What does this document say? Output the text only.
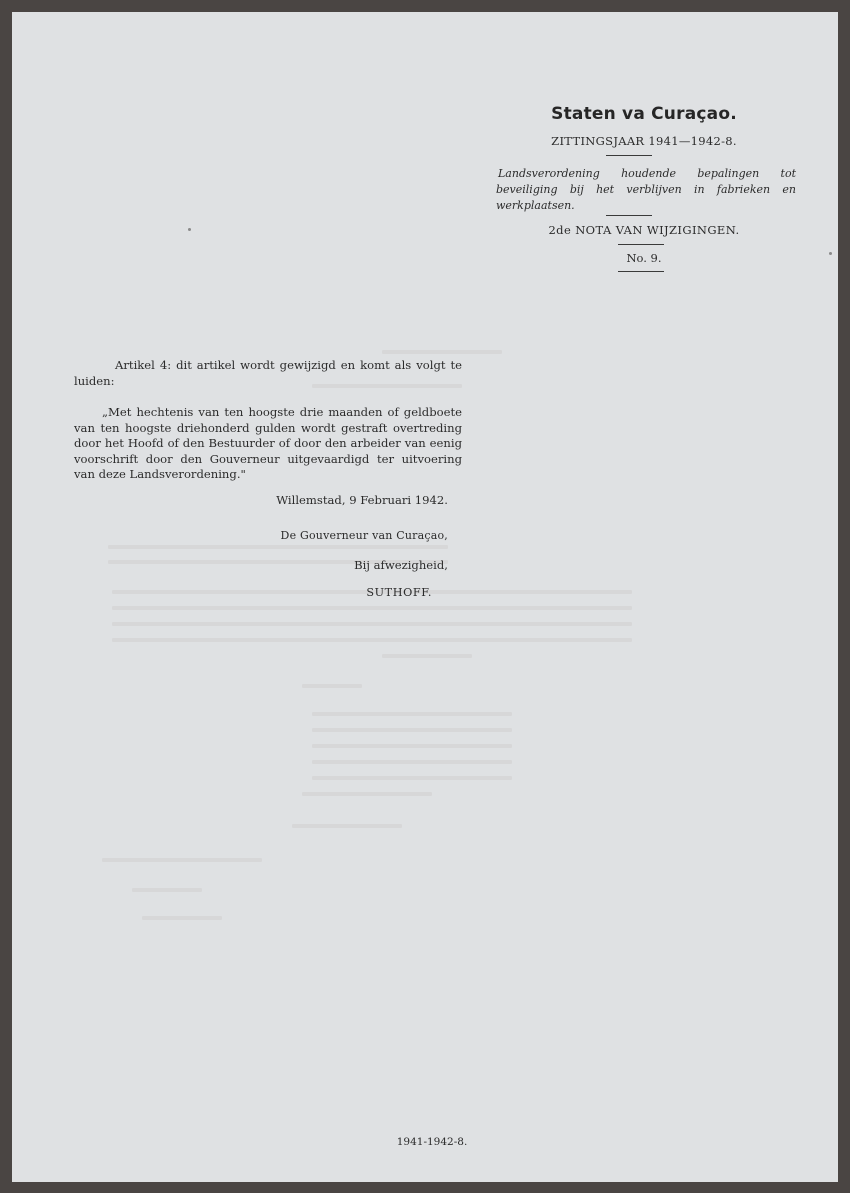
Staten va Curaçao.

ZITTINGSJAAR 1941—1942-8.

Landsverordening houdende bepalingen tot beveiliging bij het verblijven in fabrieken en werkplaatsen.

2de NOTA VAN WIJZIGINGEN.

No. 9.

Artikel 4: dit artikel wordt gewijzigd en komt als volgt te luiden:

„Met hechtenis van ten hoogste drie maanden of geldboete van ten hoogste driehonderd gulden wordt gestraft overtreding door het Hoofd of den Bestuurder of door den arbeider van eenig voorschrift door den Gouverneur uitgevaardigd ter uitvoering van deze Landsverordening."

Willemstad, 9 Februari 1942.

De Gouverneur van Curaçao,

Bij afwezigheid,

SUTHOFF.

1941-1942-8.
